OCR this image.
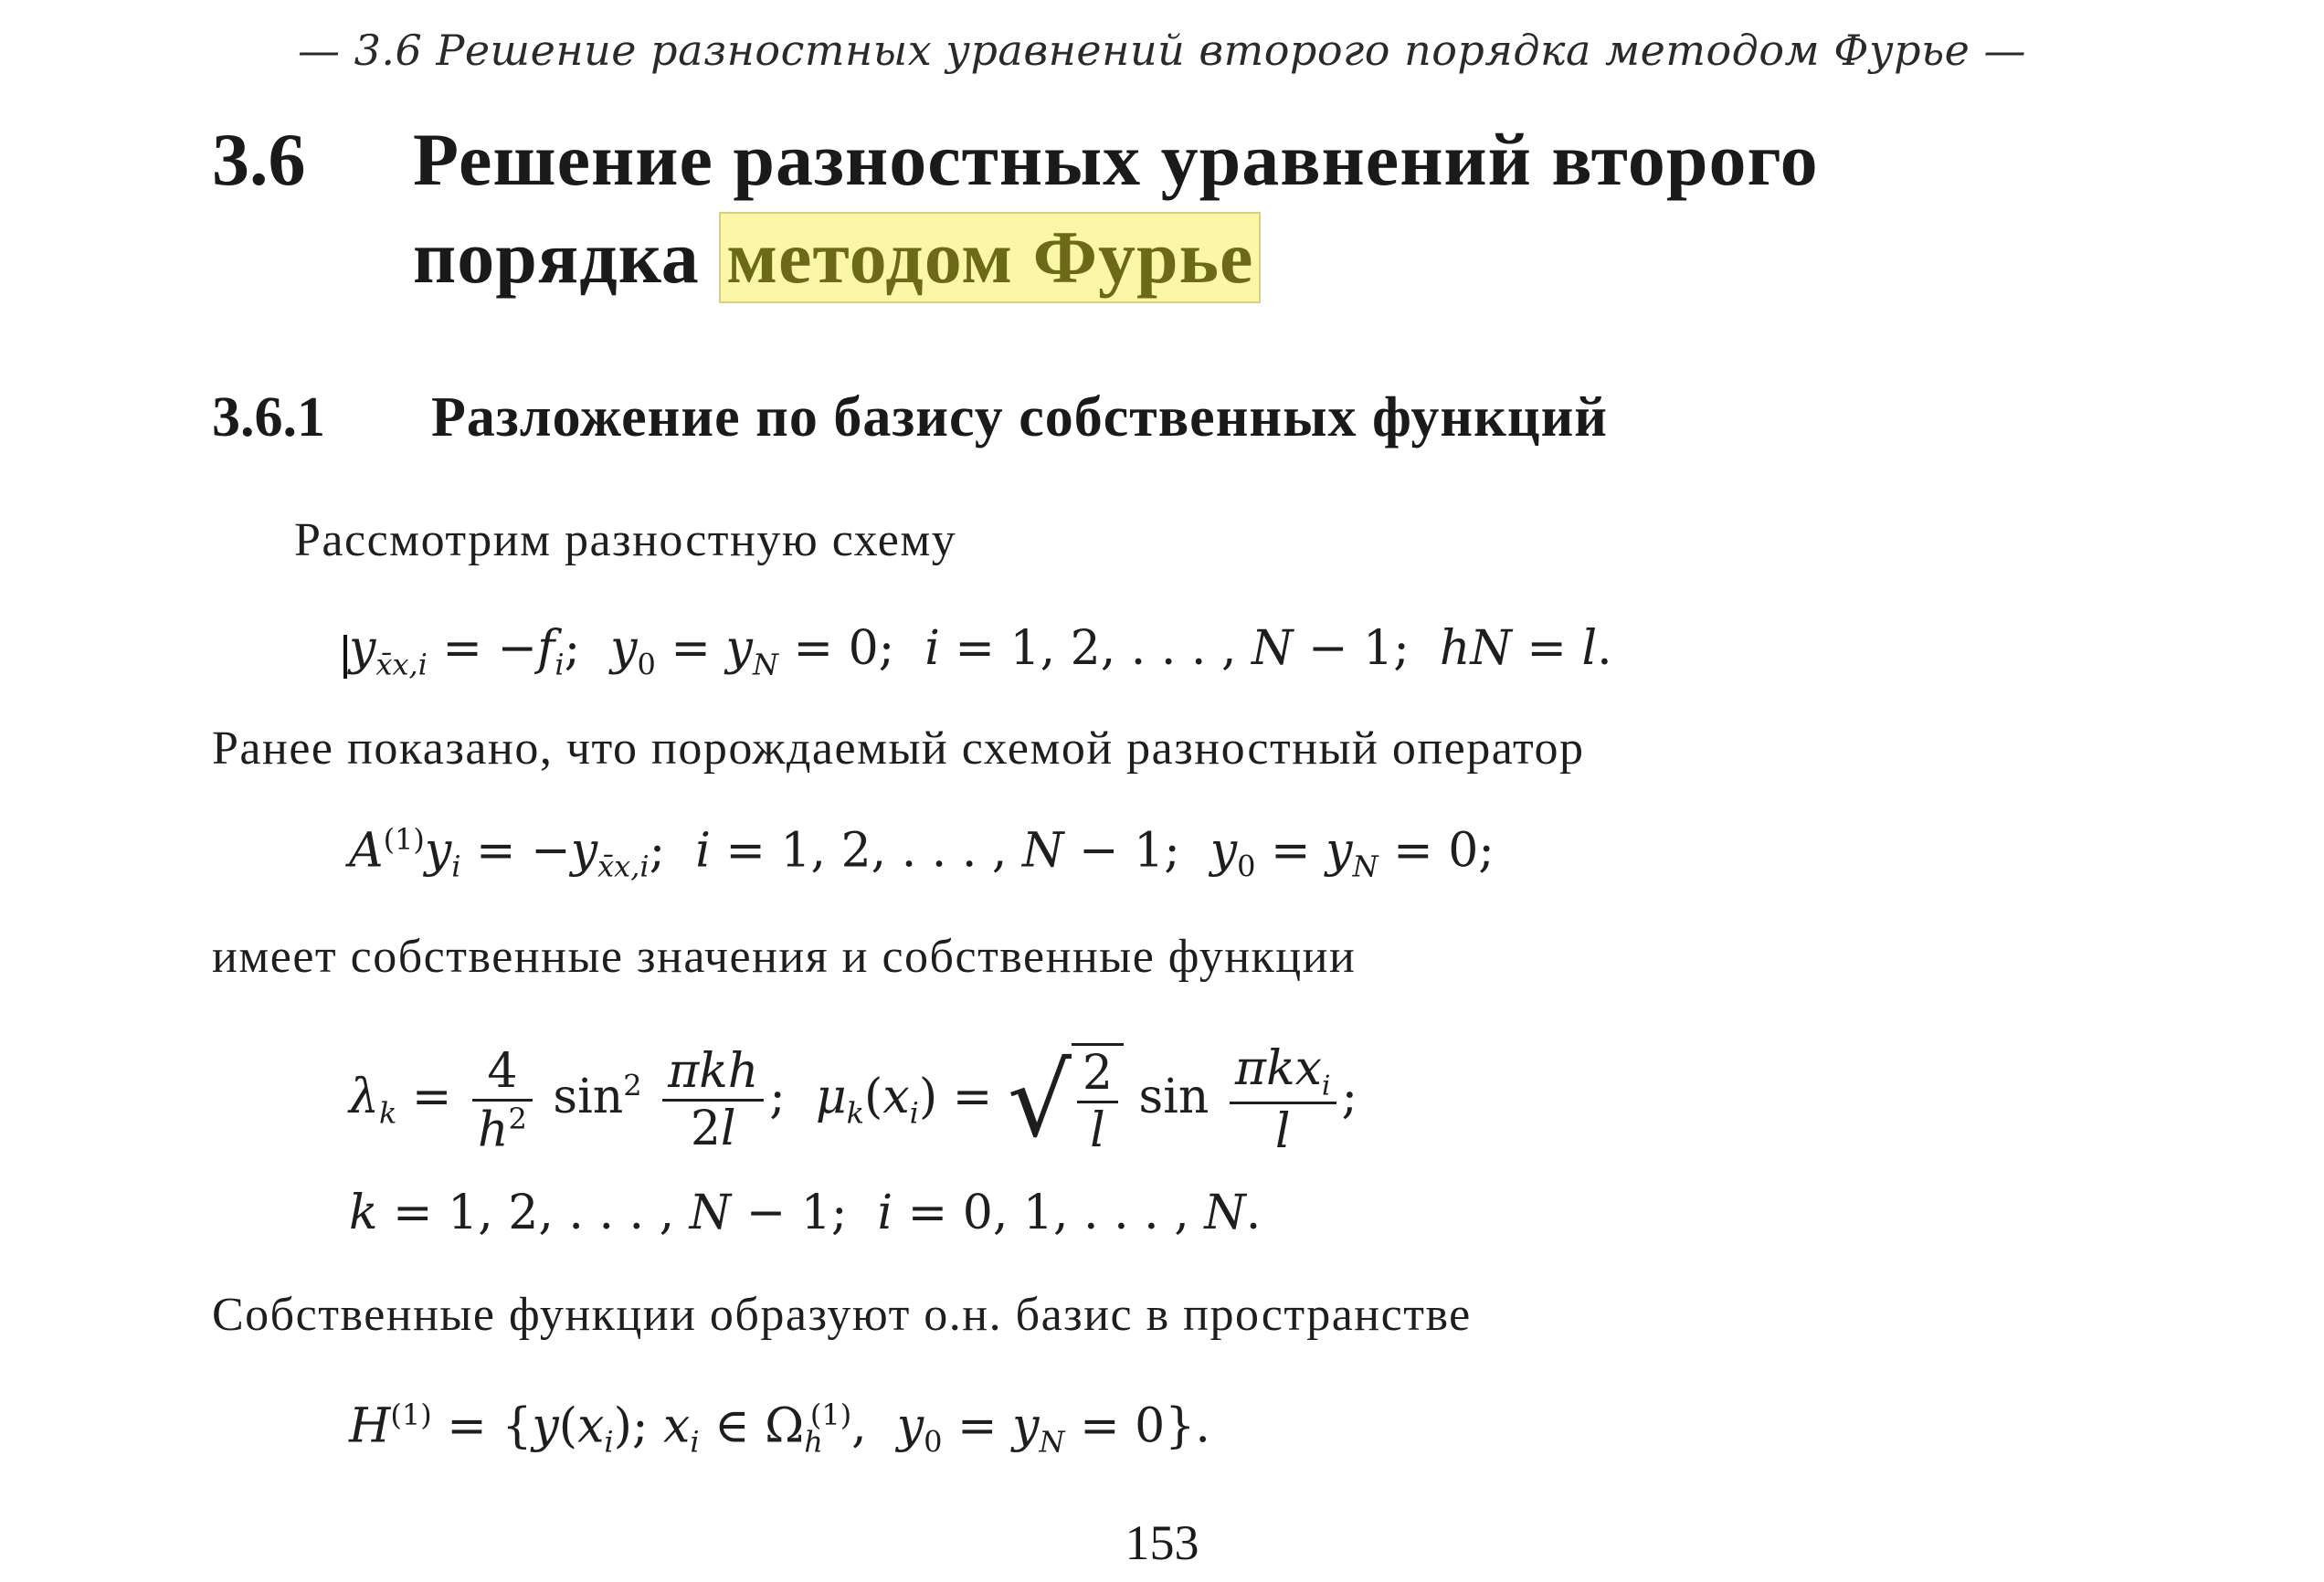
— 3.6 Решение разностных уравнений второго порядка методом Фурье —
3.6 Решение разностных уравнений второго
порядка методом Фурье
3.6.1 Разложение по базису собственных функций
Рассмотрим разностную схему
$y_{x̄x,i} = -f_i$;  $y_0 = y_N = 0$;  i = 1, 2, . . . , N − 1;  hN = l.
Ранее показано, что порождаемый схемой разностный оператор
$A^{(1)}y_i = -y_{x̄x,i}$;  i = 1, 2, . . . , N − 1;  $y_0 = y_N = 0$;
имеет собственные значения и собственные функции
$\lambda_k = \frac{4}{h^2} \sin^2 \frac{\text{πkh}}{2l}$ ;  $\mu_k(x_i)$ = √ $\frac{2}{l}$ $\sin \frac{\pi kx_i}{l}$ ;
k = 1, 2, . . . , N − 1;  i = 0, 1, . . . , N.
Собственные функции образуют о.н. базис в пространстве
$H^{(1)} = \{y(x_i)$; $x_i$ ∈ $\Omega_h^{(1)}$,  $y_0 = y_N = 0$}.
153
